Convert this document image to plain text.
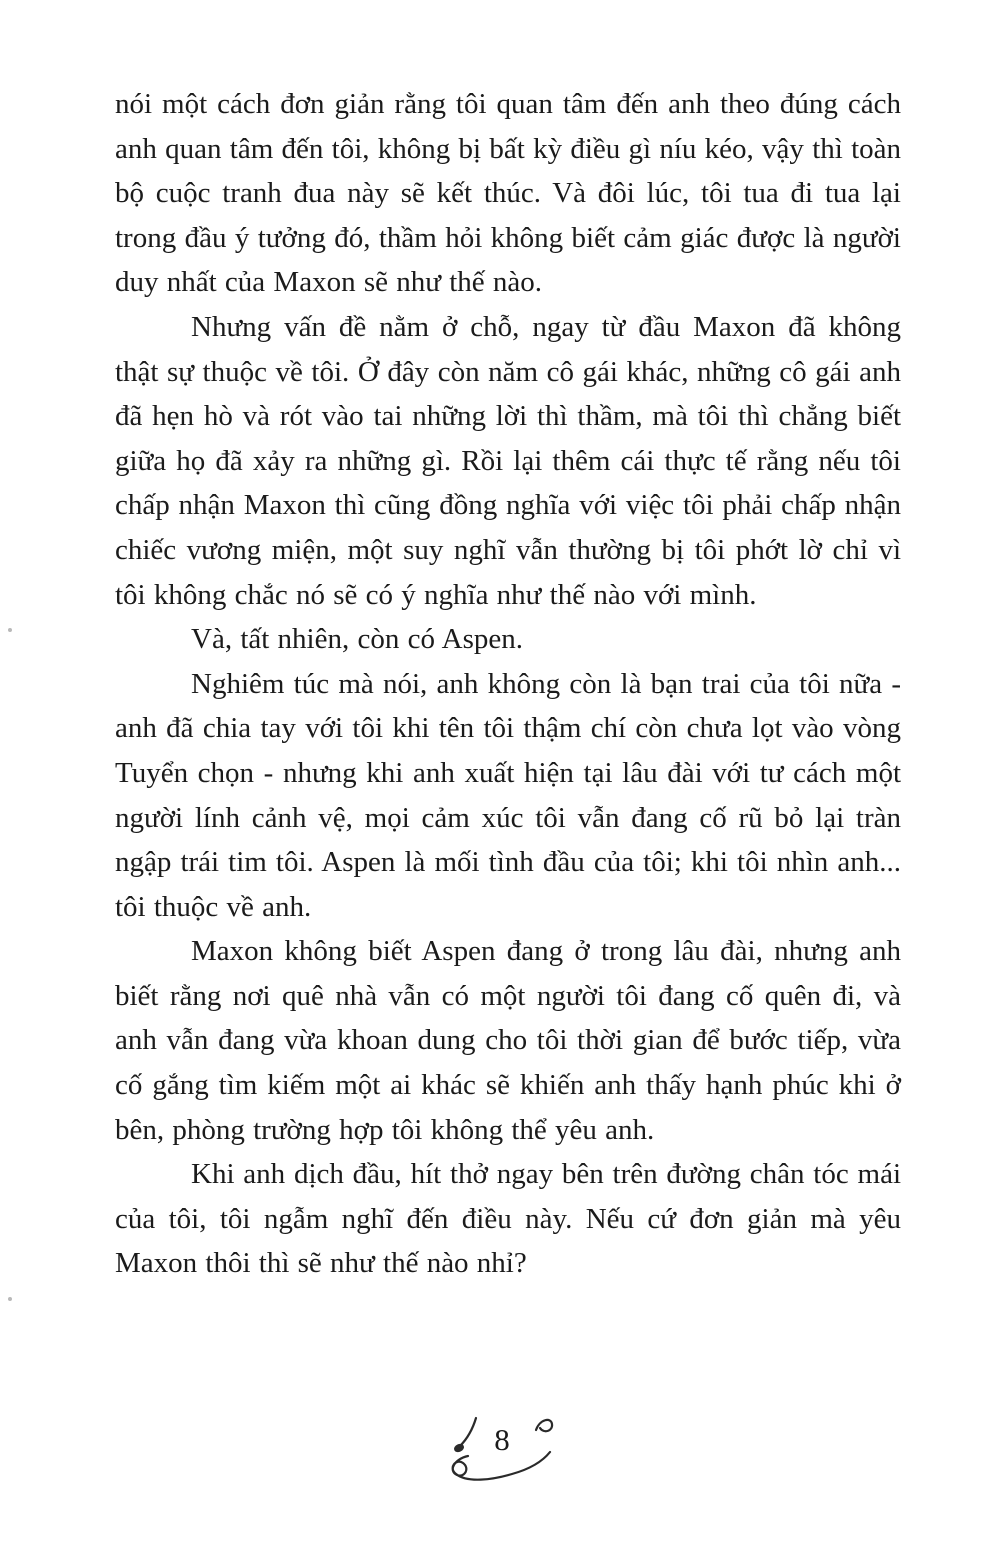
nói một cách đơn giản rằng tôi quan tâm đến anh theo đúng cách anh quan tâm đến tôi, không bị bất kỳ điều gì níu kéo, vậy thì toàn bộ cuộc tranh đua này sẽ kết thúc. Và đôi lúc, tôi tua đi tua lại trong đầu ý tưởng đó, thầm hỏi không biết cảm giác được là người duy nhất của Maxon sẽ như thế nào.

Nhưng vấn đề nằm ở chỗ, ngay từ đầu Maxon đã không thật sự thuộc về tôi. Ở đây còn năm cô gái khác, những cô gái anh đã hẹn hò và rót vào tai những lời thì thầm, mà tôi thì chẳng biết giữa họ đã xảy ra những gì. Rồi lại thêm cái thực tế rằng nếu tôi chấp nhận Maxon thì cũng đồng nghĩa với việc tôi phải chấp nhận chiếc vương miện, một suy nghĩ vẫn thường bị tôi phớt lờ chỉ vì tôi không chắc nó sẽ có ý nghĩa như thế nào với mình.

Và, tất nhiên, còn có Aspen.

Nghiêm túc mà nói, anh không còn là bạn trai của tôi nữa - anh đã chia tay với tôi khi tên tôi thậm chí còn chưa lọt vào vòng Tuyển chọn - nhưng khi anh xuất hiện tại lâu đài với tư cách một người lính cảnh vệ, mọi cảm xúc tôi vẫn đang cố rũ bỏ lại tràn ngập trái tim tôi. Aspen là mối tình đầu của tôi; khi tôi nhìn anh... tôi thuộc về anh.

Maxon không biết Aspen đang ở trong lâu đài, nhưng anh biết rằng nơi quê nhà vẫn có một người tôi đang cố quên đi, và anh vẫn đang vừa khoan dung cho tôi thời gian để bước tiếp, vừa cố gắng tìm kiếm một ai khác sẽ khiến anh thấy hạnh phúc khi ở bên, phòng trường hợp tôi không thể yêu anh.

Khi anh dịch đầu, hít thở ngay bên trên đường chân tóc mái của tôi, tôi ngẫm nghĩ đến điều này. Nếu cứ đơn giản mà yêu Maxon thôi thì sẽ như thế nào nhỉ?

8
